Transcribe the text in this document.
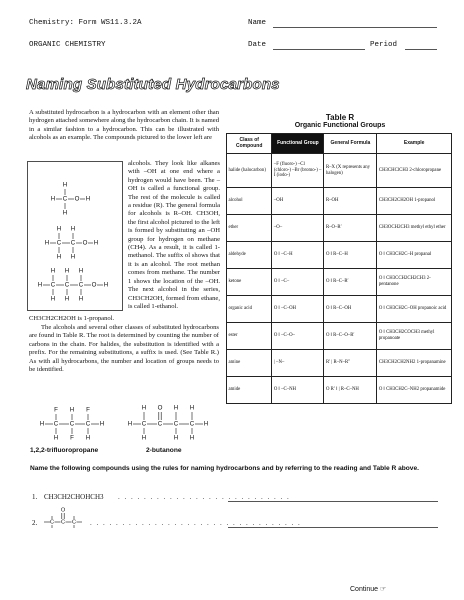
Chemistry: Form WS11.3.2A
ORGANIC CHEMISTRY
Name
Date	Period
Naming Substituted Hydrocarbons

A substituted hydrocarbon is a hydrocarbon with an element other than hydrogen attached somewhere along the hydrocarbon chain. It is named in a similar fashion to a hydrocarbon. This can be illustrated with alcohols as an example. The compounds pictured to the lower left are

H
H C O H
H
H H
H C C O H
H H
H H H
H C C C O H
H H H

alcohols. They look like alkanes with –OH at one end where a hydrogen would have been. The –OH is called a functional group. The rest of the molecule is called a residue (R). The general formula for alcohols is R–OH. CH3OH, the first alcohol pictured to the left is formed by substituting an –OH group for hydrogen on methane (CH4). As a result, it is called 1-methanol. The suffix ol shows that it is an alcohol. The root methan comes from methane. The number 1 shows the location of the –OH. The next alcohol in the series, CH3CH2OH, formed from ethane, is called 1-ethanol.

CH3CH2CH2OH is 1-propanol.

The alcohols and several other classes of substituted hydrocarbons are found in Table R. The root is determined by counting the number of carbons in the chain. For halides, the substitution is identified with a prefix. For the remaining substitutions, a suffix is used. (See Table R.) As with all hydrocarbons, the number and location of groups needs to be identified.

Table R
Organic Functional Groups
Class of Compound	Functional Group	General Formula	Example
halide (halocarbon)	–F (fluoro-) –Cl (chloro-) –Br (bromo-) –I (iodo-)	R–X (X represents any halogen)	CH3CHClCH3 2-chloropropane
alcohol	–OH	R–OH	CH3CH2CH2OH 1-propanol
ether	–O–	R–O–R′	CH3OCH2CH3 methyl ethyl ether
aldehyde	O ‖ –C–H	O ‖ R–C–H	O ‖ CH3CH2C–H propanal
ketone	O ‖ –C–	O ‖ R–C–R′	O ‖ CH3CCH2CH2CH3 2-pentanone
organic acid	O ‖ –C–OH	O ‖ R–C–OH	O ‖ CH3CH2C–OH propanoic acid
ester	O ‖ –C–O–	O ‖ R–C–O–R′	O ‖ CH3CH2COCH3 methyl propanoate
amine	| –N–	R′ | R–N–R″	CH3CH2CH2NH2 1-propanamine
amide	O ‖ –C–NH	O R′ ‖ | R–C–NH	O ‖ CH3CH2C–NH2 propanamide
F H F
H C C C H
H F H
H O H H
H C C C C H
H	H H
1,2,2-trifluoropropane	2-butanone

Name the following compounds using the rules for naming hydrocarbons and by referring to the reading and Table R above.

1. CH3CH2CHOHCH3 . . . . . . . . . . . . . . . . . . . . . . . . . . .
2.
O
C C C . . . . . . . . . . . . . . . . . . . . . . . . . . . . . . . . .
Continue ☞
